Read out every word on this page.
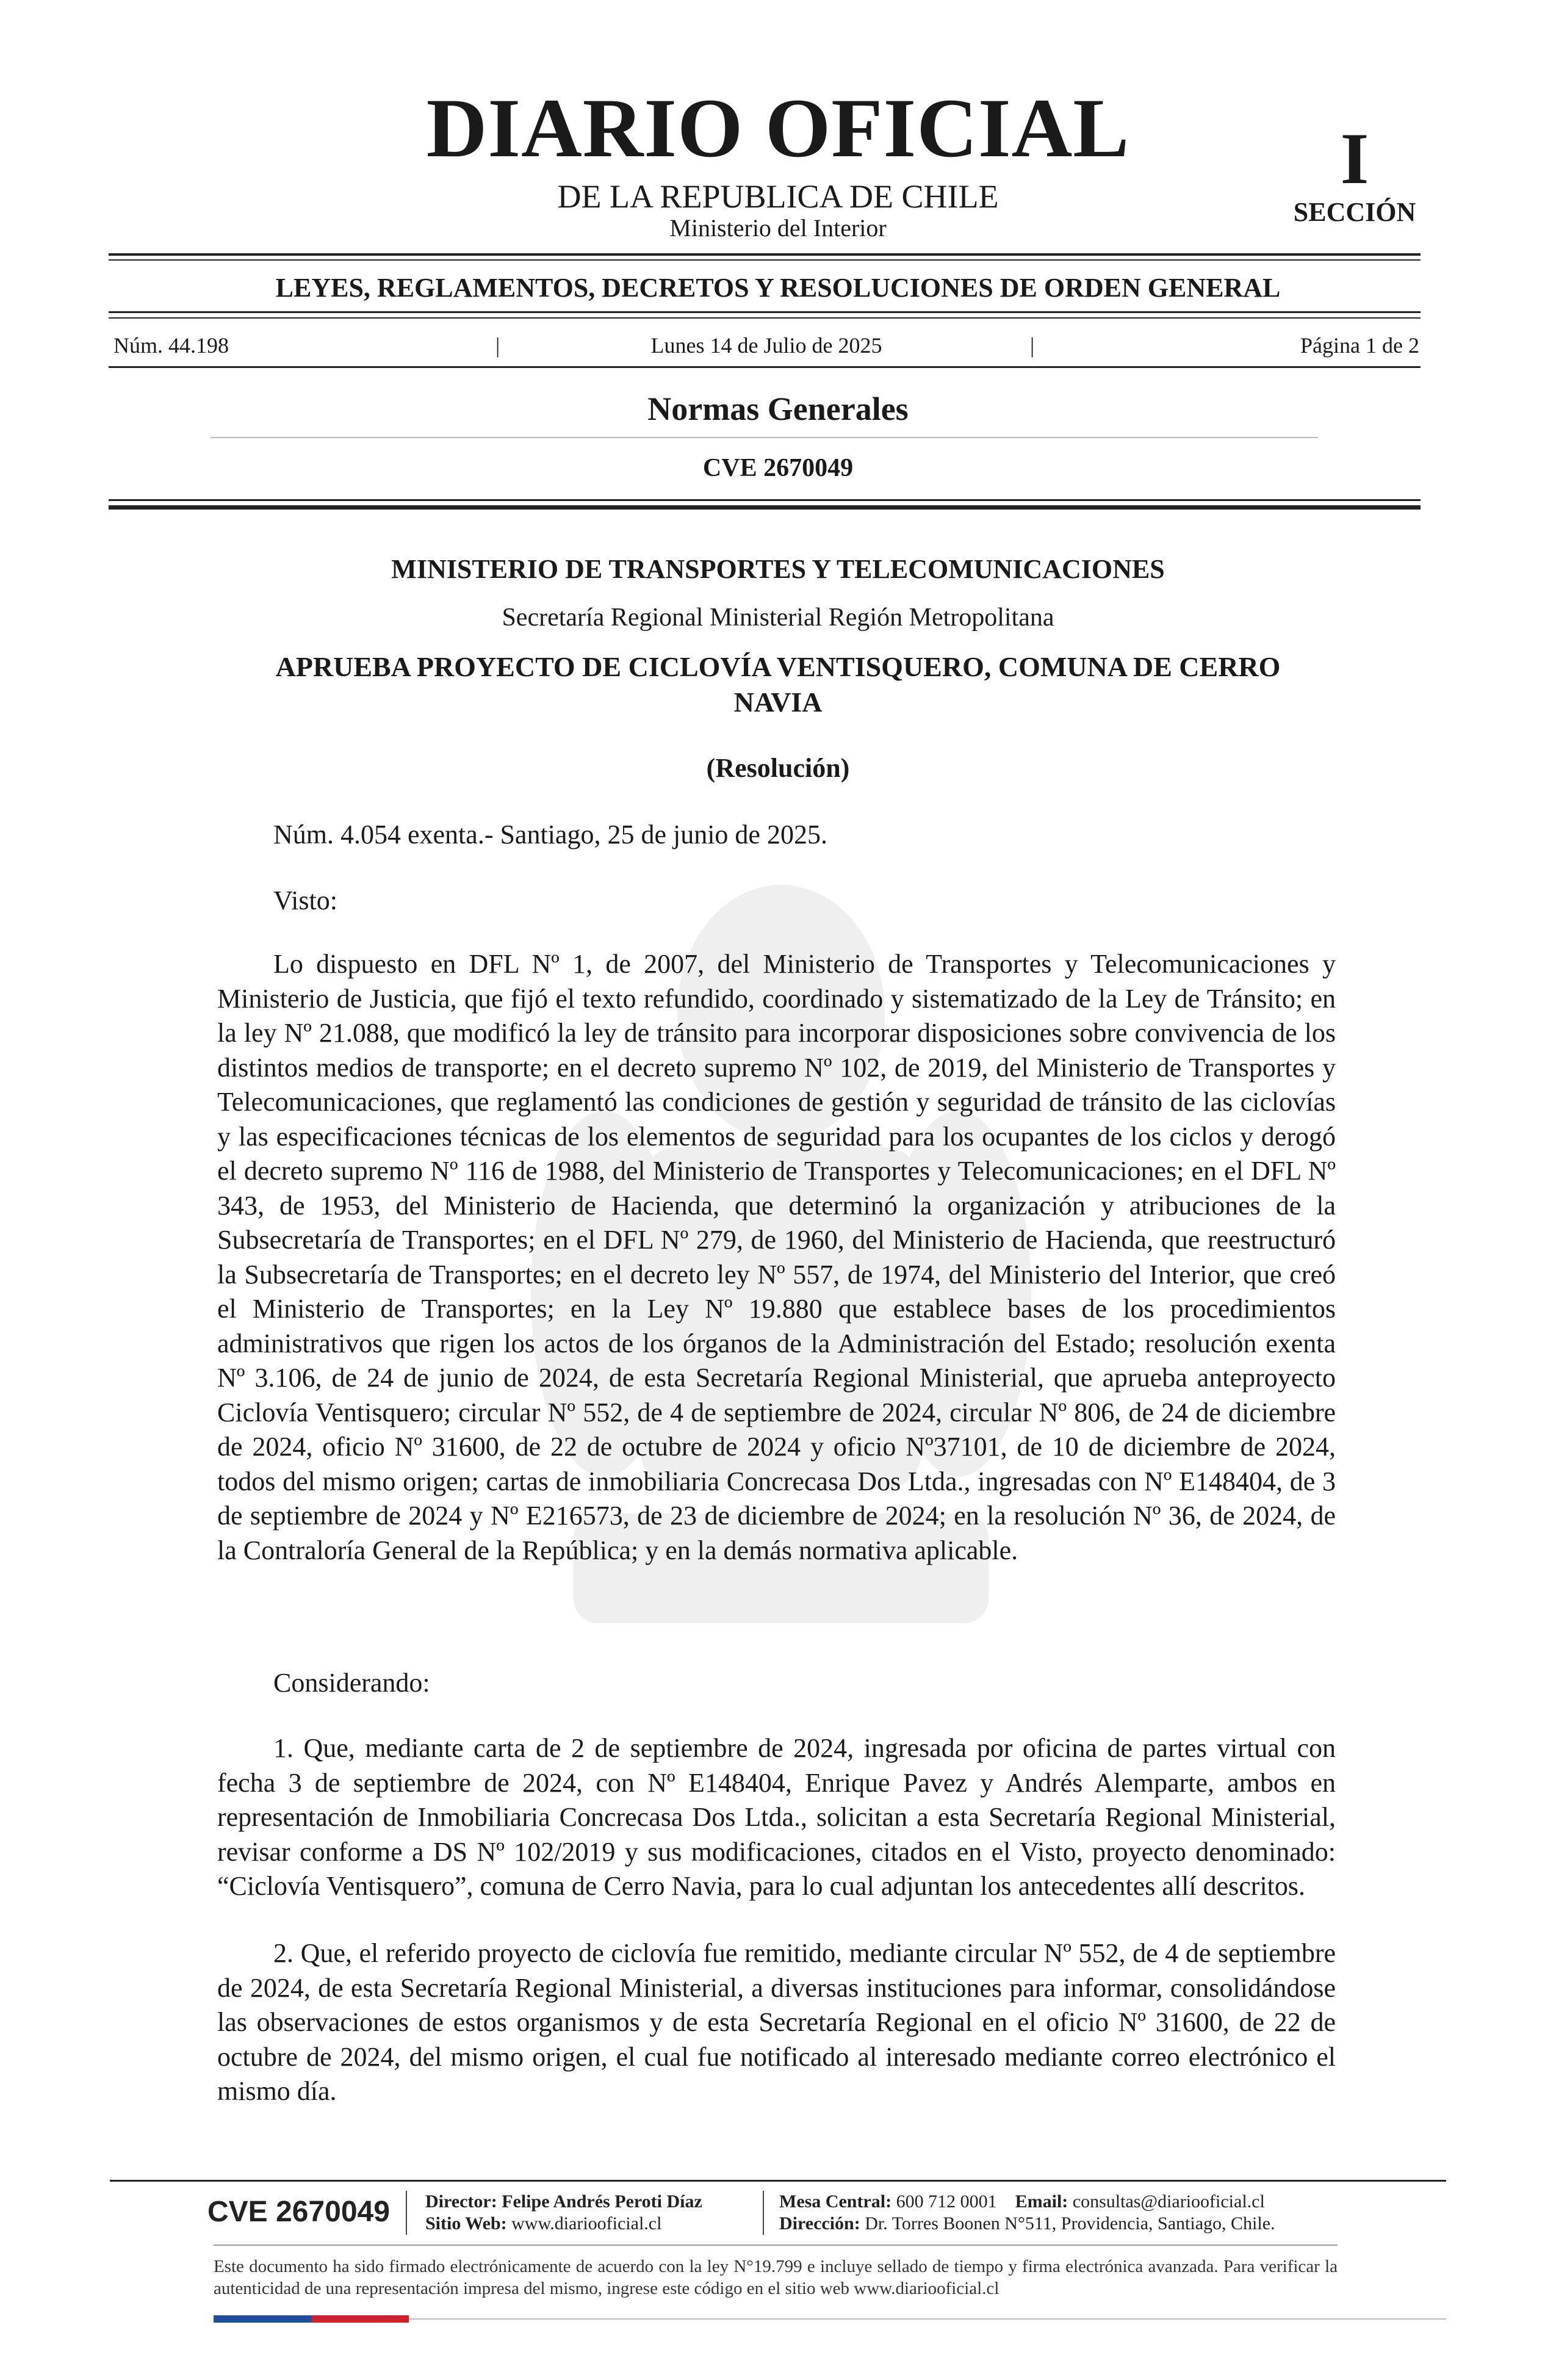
DIARIO OFICIAL
DE LA REPUBLICA DE CHILE
Ministerio del Interior
I
SECCIÓN
LEYES, REGLAMENTOS, DECRETOS Y RESOLUCIONES DE ORDEN GENERAL
Núm. 44.198	|	Lunes 14 de Julio de 2025	|	Página 1 de 2
Normas Generales
CVE 2670049
MINISTERIO DE TRANSPORTES Y TELECOMUNICACIONES
Secretaría Regional Ministerial Región Metropolitana
APRUEBA PROYECTO DE CICLOVÍA VENTISQUERO, COMUNA DE CERRO NAVIA
(Resolución)
Núm. 4.054 exenta.- Santiago, 25 de junio de 2025.
Visto:
Lo dispuesto en DFL Nº 1, de 2007, del Ministerio de Transportes y Telecomunicaciones y Ministerio de Justicia, que fijó el texto refundido, coordinado y sistematizado de la Ley de Tránsito; en la ley Nº 21.088, que modificó la ley de tránsito para incorporar disposiciones sobre convivencia de los distintos medios de transporte; en el decreto supremo Nº 102, de 2019, del Ministerio de Transportes y Telecomunicaciones, que reglamentó las condiciones de gestión y seguridad de tránsito de las ciclovías y las especificaciones técnicas de los elementos de seguridad para los ocupantes de los ciclos y derogó el decreto supremo Nº 116 de 1988, del Ministerio de Transportes y Telecomunicaciones; en el DFL Nº 343, de 1953, del Ministerio de Hacienda, que determinó la organización y atribuciones de la Subsecretaría de Transportes; en el DFL Nº 279, de 1960, del Ministerio de Hacienda, que reestructuró la Subsecretaría de Transportes; en el decreto ley Nº 557, de 1974, del Ministerio del Interior, que creó el Ministerio de Transportes; en la Ley Nº 19.880 que establece bases de los procedimientos administrativos que rigen los actos de los órganos de la Administración del Estado; resolución exenta Nº 3.106, de 24 de junio de 2024, de esta Secretaría Regional Ministerial, que aprueba anteproyecto Ciclovía Ventisquero; circular Nº 552, de 4 de septiembre de 2024, circular Nº 806, de 24 de diciembre de 2024, oficio Nº 31600, de 22 de octubre de 2024 y oficio Nº37101, de 10 de diciembre de 2024, todos del mismo origen; cartas de inmobiliaria Concrecasa Dos Ltda., ingresadas con Nº E148404, de 3 de septiembre de 2024 y Nº E216573, de 23 de diciembre de 2024; en la resolución Nº 36, de 2024, de la Contraloría General de la República; y en la demás normativa aplicable.
Considerando:
1. Que, mediante carta de 2 de septiembre de 2024, ingresada por oficina de partes virtual con fecha 3 de septiembre de 2024, con Nº E148404, Enrique Pavez y Andrés Alemparte, ambos en representación de Inmobiliaria Concrecasa Dos Ltda., solicitan a esta Secretaría Regional Ministerial, revisar conforme a DS Nº 102/2019 y sus modificaciones, citados en el Visto, proyecto denominado: “Ciclovía Ventisquero”, comuna de Cerro Navia, para lo cual adjuntan los antecedentes allí descritos.
2. Que, el referido proyecto de ciclovía fue remitido, mediante circular Nº 552, de 4 de septiembre de 2024, de esta Secretaría Regional Ministerial, a diversas instituciones para informar, consolidándose las observaciones de estos organismos y de esta Secretaría Regional en el oficio Nº 31600, de 22 de octubre de 2024, del mismo origen, el cual fue notificado al interesado mediante correo electrónico el mismo día.
CVE 2670049 Director: Felipe Andrés Peroti Díaz
Sitio Web: www.diariooficial.cl
Mesa Central: 600 712 0001 Email: consultas@diariooficial.cl
Dirección: Dr. Torres Boonen N°511, Providencia, Santiago, Chile.
Este documento ha sido firmado electrónicamente de acuerdo con la ley N°19.799 e incluye sellado de tiempo y firma electrónica avanzada. Para verificar la autenticidad de una representación impresa del mismo, ingrese este código en el sitio web www.diariooficial.cl
